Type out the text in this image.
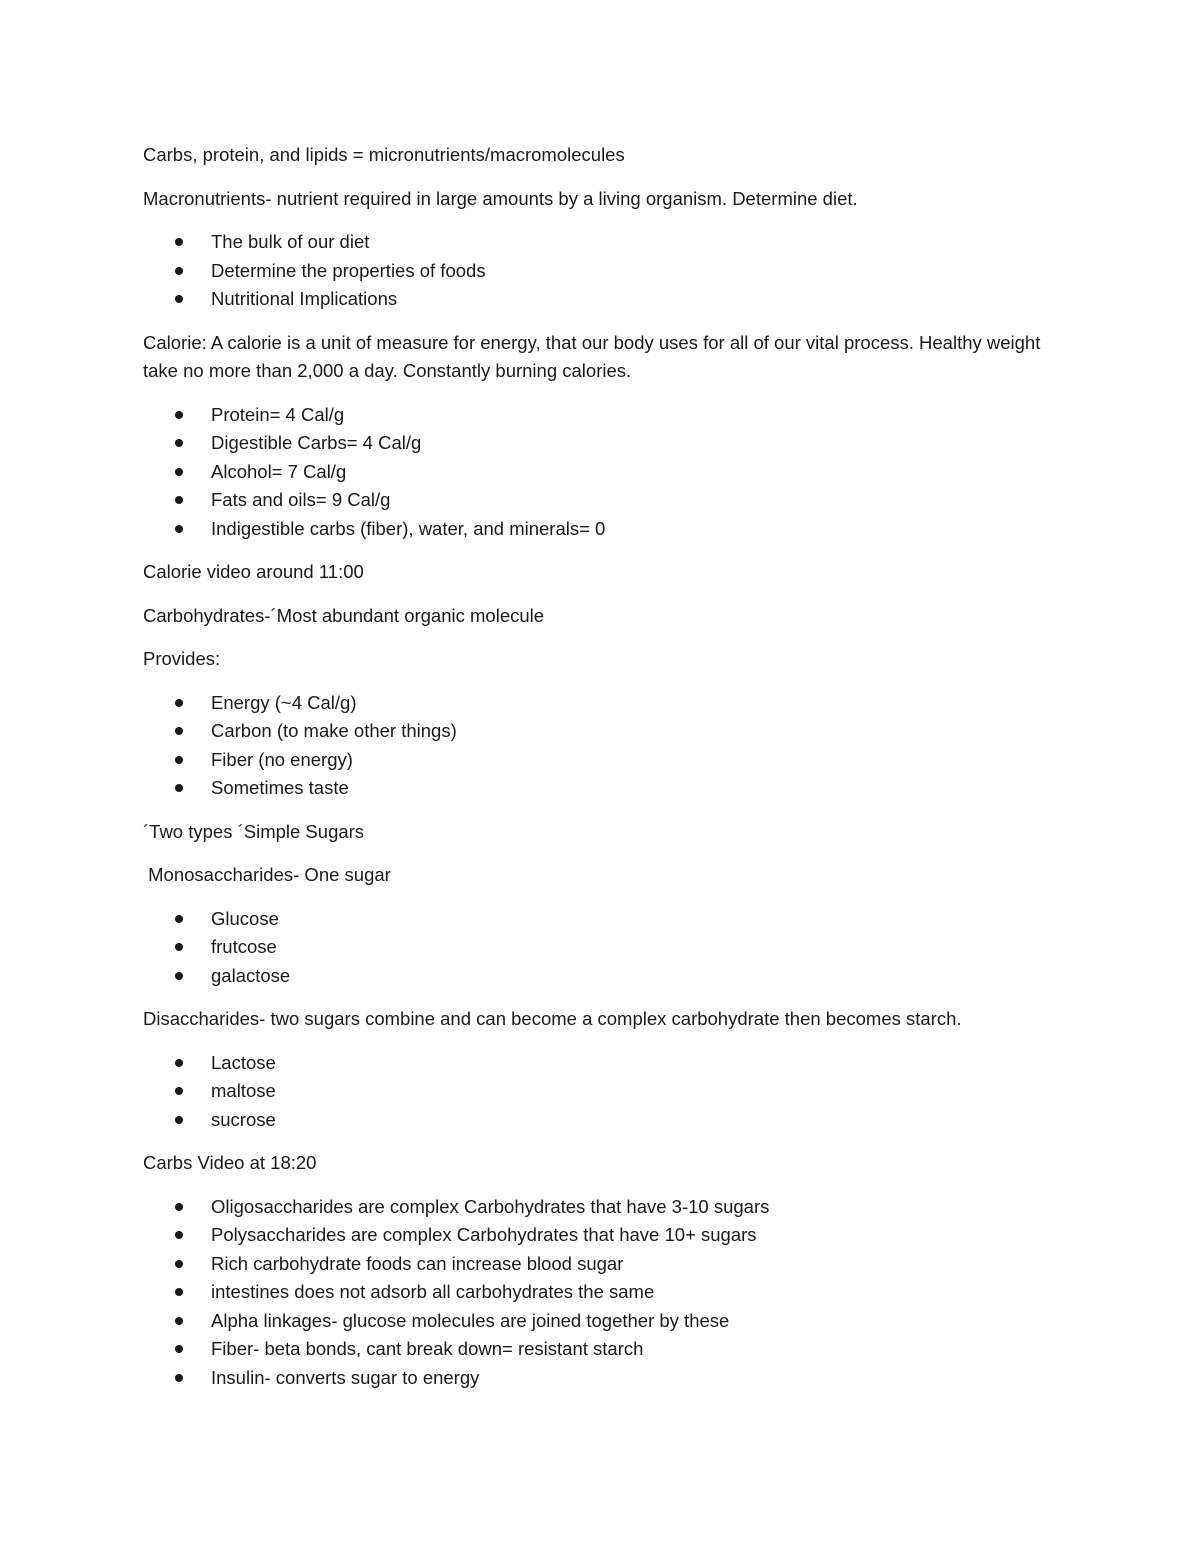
Carbs, protein, and lipids = micronutrients/macromolecules

Macronutrients- nutrient required in large amounts by a living organism. Determine diet.

The bulk of our diet
Determine the properties of foods
Nutritional Implications

Calorie: A calorie is a unit of measure for energy, that our body uses for all of our vital process. Healthy weight take no more than 2,000 a day. Constantly burning calories.

Protein= 4 Cal/g
Digestible Carbs= 4 Cal/g
Alcohol= 7 Cal/g
Fats and oils= 9 Cal/g
Indigestible carbs (fiber), water, and minerals= 0

Calorie video around 11:00

Carbohydrates-´Most abundant organic molecule

Provides:

Energy (~4 Cal/g)
Carbon (to make other things)
Fiber (no energy)
Sometimes taste

´Two types ´Simple Sugars

Monosaccharides- One sugar

Glucose
frutcose
galactose

Disaccharides- two sugars combine and can become a complex carbohydrate then becomes starch.

Lactose
maltose
sucrose

Carbs Video at 18:20

Oligosaccharides are complex Carbohydrates that have 3-10 sugars
Polysaccharides are complex Carbohydrates that have 10+ sugars
Rich carbohydrate foods can increase blood sugar
intestines does not adsorb all carbohydrates the same
Alpha linkages- glucose molecules are joined together by these
Fiber- beta bonds, cant break down= resistant starch
Insulin- converts sugar to energy
